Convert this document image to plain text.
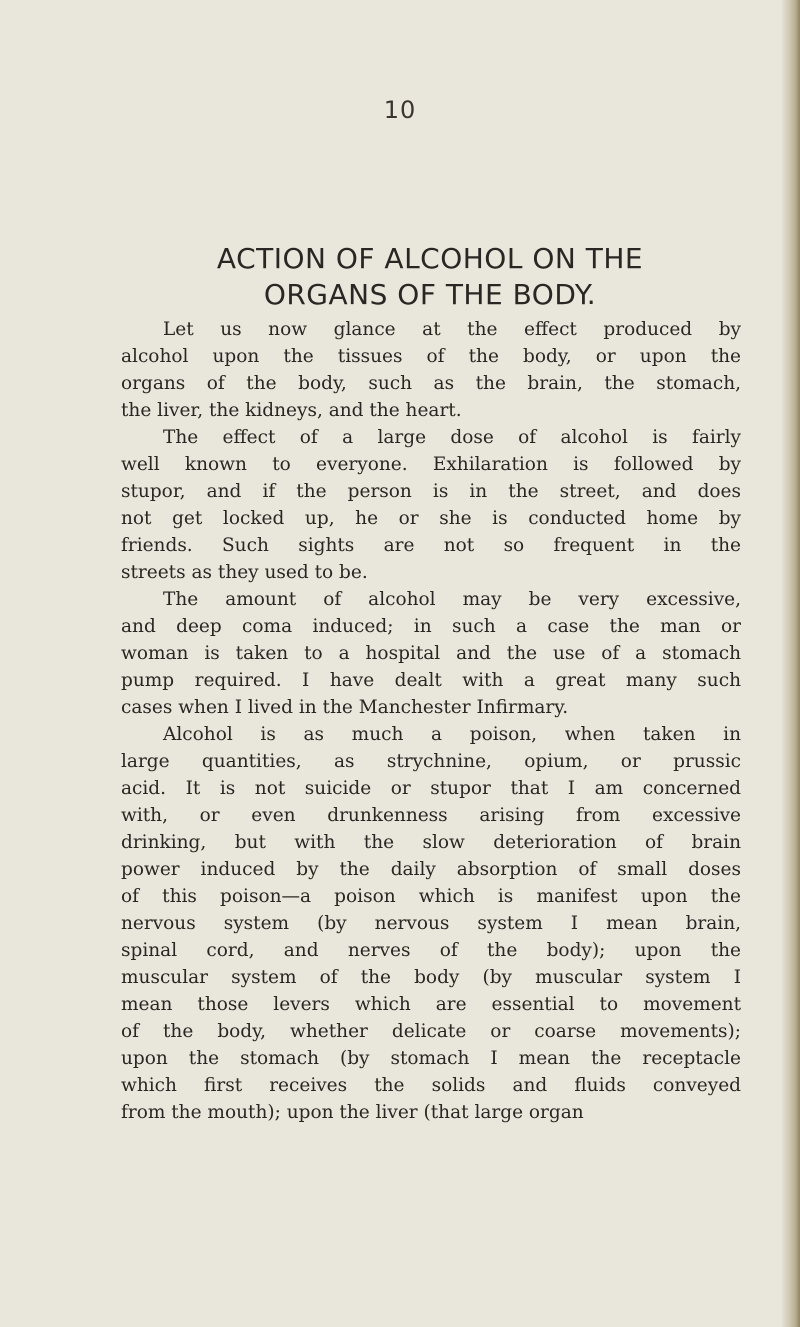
10
ACTION OF ALCOHOL ON THE
ORGANS OF THE BODY.
Let us now glance at the effect produced by
alcohol upon the tissues of the body, or upon the
organs of the body, such as the brain, the stomach,
the liver, the kidneys, and the heart.
The effect of a large dose of alcohol is fairly
well known to everyone. Exhilaration is followed by
stupor, and if the person is in the street, and does
not get locked up, he or she is conducted home by
friends. Such sights are not so frequent in the
streets as they used to be.
The amount of alcohol may be very excessive,
and deep coma induced; in such a case the man or
woman is taken to a hospital and the use of a stomach
pump required. I have dealt with a great many such
cases when I lived in the Manchester Infirmary.
Alcohol is as much a poison, when taken in
large quantities, as strychnine, opium, or prussic
acid. It is not suicide or stupor that I am concerned
with, or even drunkenness arising from excessive
drinking, but with the slow deterioration of brain
power induced by the daily absorption of small doses
of this poison—a poison which is manifest upon the
nervous system (by nervous system I mean brain,
spinal cord, and nerves of the body); upon the
muscular system of the body (by muscular system I
mean those levers which are essential to movement
of the body, whether delicate or coarse movements);
upon the stomach (by stomach I mean the receptacle
which first receives the solids and fluids conveyed
from the mouth); upon the liver (that large organ
